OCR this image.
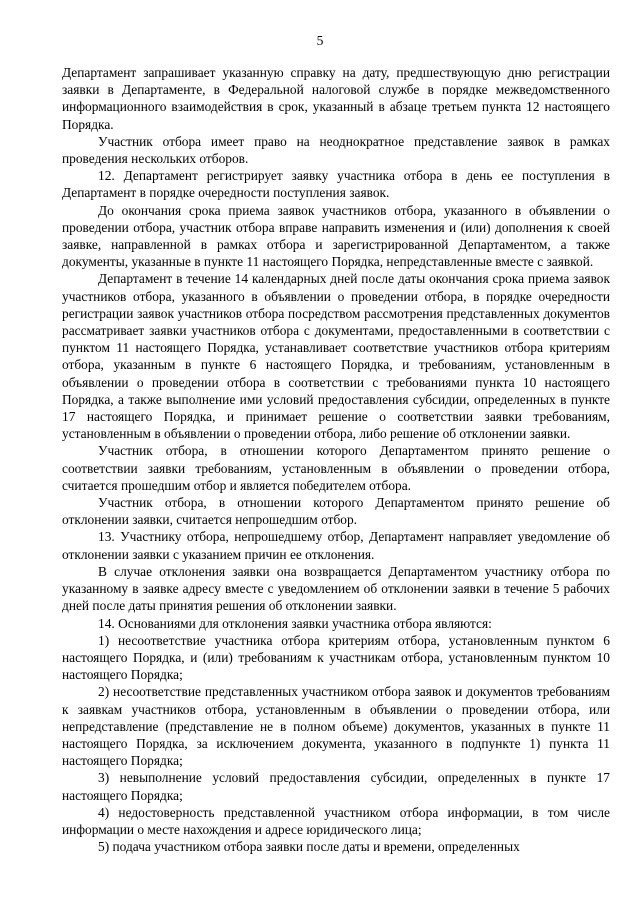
5

Департамент запрашивает указанную справку на дату, предшествующую дню регистрации заявки в Департаменте, в Федеральной налоговой службе в порядке межведомственного информационного взаимодействия в срок, указанный в абзаце третьем пункта 12 настоящего Порядка.

Участник отбора имеет право на неоднократное представление заявок в рамках проведения нескольких отборов.

12. Департамент регистрирует заявку участника отбора в день ее поступления в Департамент в порядке очередности поступления заявок.

До окончания срока приема заявок участников отбора, указанного в объявлении о проведении отбора, участник отбора вправе направить изменения и (или) дополнения к своей заявке, направленной в рамках отбора и зарегистрированной Департаментом, а также документы, указанные в пункте 11 настоящего Порядка, непредставленные вместе с заявкой.

Департамент в течение 14 календарных дней после даты окончания срока приема заявок участников отбора, указанного в объявлении о проведении отбора, в порядке очередности регистрации заявок участников отбора посредством рассмотрения представленных документов рассматривает заявки участников отбора с документами, предоставленными в соответствии с пунктом 11 настоящего Порядка, устанавливает соответствие участников отбора критериям отбора, указанным в пункте 6 настоящего Порядка, и требованиям, установленным в объявлении о проведении отбора в соответствии с требованиями пункта 10 настоящего Порядка, а также выполнение ими условий предоставления субсидии, определенных в пункте 17 настоящего Порядка, и принимает решение о соответствии заявки требованиям, установленным в объявлении о проведении отбора, либо решение об отклонении заявки.

Участник отбора, в отношении которого Департаментом принято решение о соответствии заявки требованиям, установленным в объявлении о проведении отбора, считается прошедшим отбор и является победителем отбора.

Участник отбора, в отношении которого Департаментом принято решение об отклонении заявки, считается непрошедшим отбор.

13. Участнику отбора, непрошедшему отбор, Департамент направляет уведомление об отклонении заявки с указанием причин ее отклонения.

В случае отклонения заявки она возвращается Департаментом участнику отбора по указанному в заявке адресу вместе с уведомлением об отклонении заявки в течение 5 рабочих дней после даты принятия решения об отклонении заявки.

14. Основаниями для отклонения заявки участника отбора являются:

1) несоответствие участника отбора критериям отбора, установленным пунктом 6 настоящего Порядка, и (или) требованиям к участникам отбора, установленным пунктом 10 настоящего Порядка;

2) несоответствие представленных участником отбора заявок и документов требованиям к заявкам участников отбора, установленным в объявлении о проведении отбора, или непредставление (представление не в полном объеме) документов, указанных в пункте 11 настоящего Порядка, за исключением документа, указанного в подпункте 1) пункта 11 настоящего Порядка;

3) невыполнение условий предоставления субсидии, определенных в пункте 17 настоящего Порядка;

4) недостоверность представленной участником отбора информации, в том числе информации о месте нахождения и адресе юридического лица;

5) подача участником отбора заявки после даты и времени, определенных
